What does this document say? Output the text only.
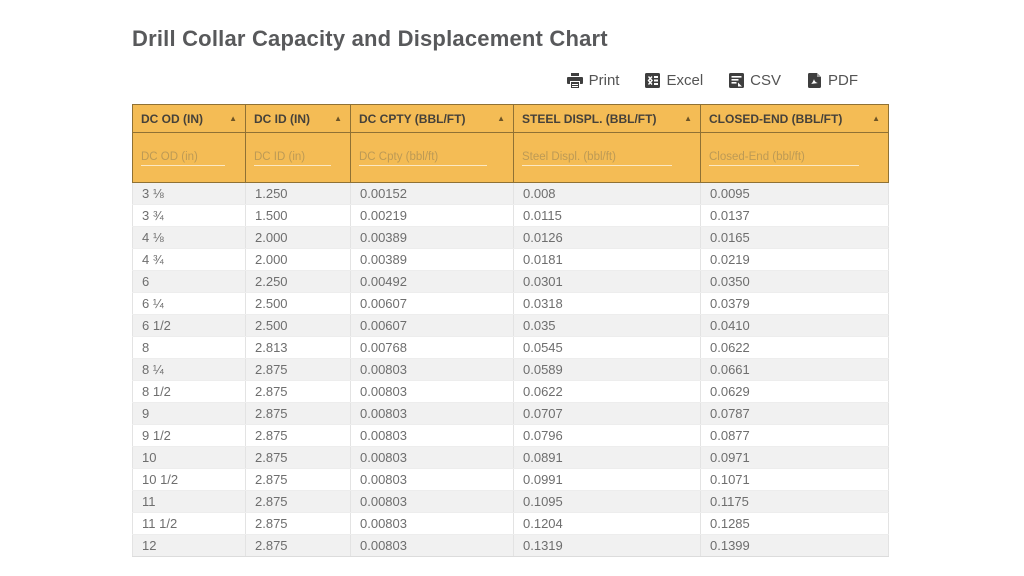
Drill Collar Capacity and Displacement Chart
Print	Excel	CSV	PDF
DC OD (IN) ▲	DC ID (IN) ▲	DC CPTY (BBL/FT) ▲	STEEL DISPL. (BBL/FT) ▲	CLOSED-END (BBL/FT) ▲

DC OD (in)	DC ID (in)	DC Cpty (bbl/ft)	Steel Displ. (bbl/ft)	Closed-End (bbl/ft)
3 ⅛	1.250	0.00152	0.008	0.0095
3 ¾	1.500	0.00219	0.0115	0.0137
4 ⅛	2.000	0.00389	0.0126	0.0165
4 ¾	2.000	0.00389	0.0181	0.0219
6	2.250	0.00492	0.0301	0.0350
6 ¼	2.500	0.00607	0.0318	0.0379
6 1/2	2.500	0.00607	0.035	0.0410
8	2.813	0.00768	0.0545	0.0622
8 ¼	2.875	0.00803	0.0589	0.0661
8 1/2	2.875	0.00803	0.0622	0.0629
9	2.875	0.00803	0.0707	0.0787
9 1/2	2.875	0.00803	0.0796	0.0877
10	2.875	0.00803	0.0891	0.0971
10 1/2	2.875	0.00803	0.0991	0.1071
11	2.875	0.00803	0.1095	0.1175
11 1/2	2.875	0.00803	0.1204	0.1285
12	2.875	0.00803	0.1319	0.1399
